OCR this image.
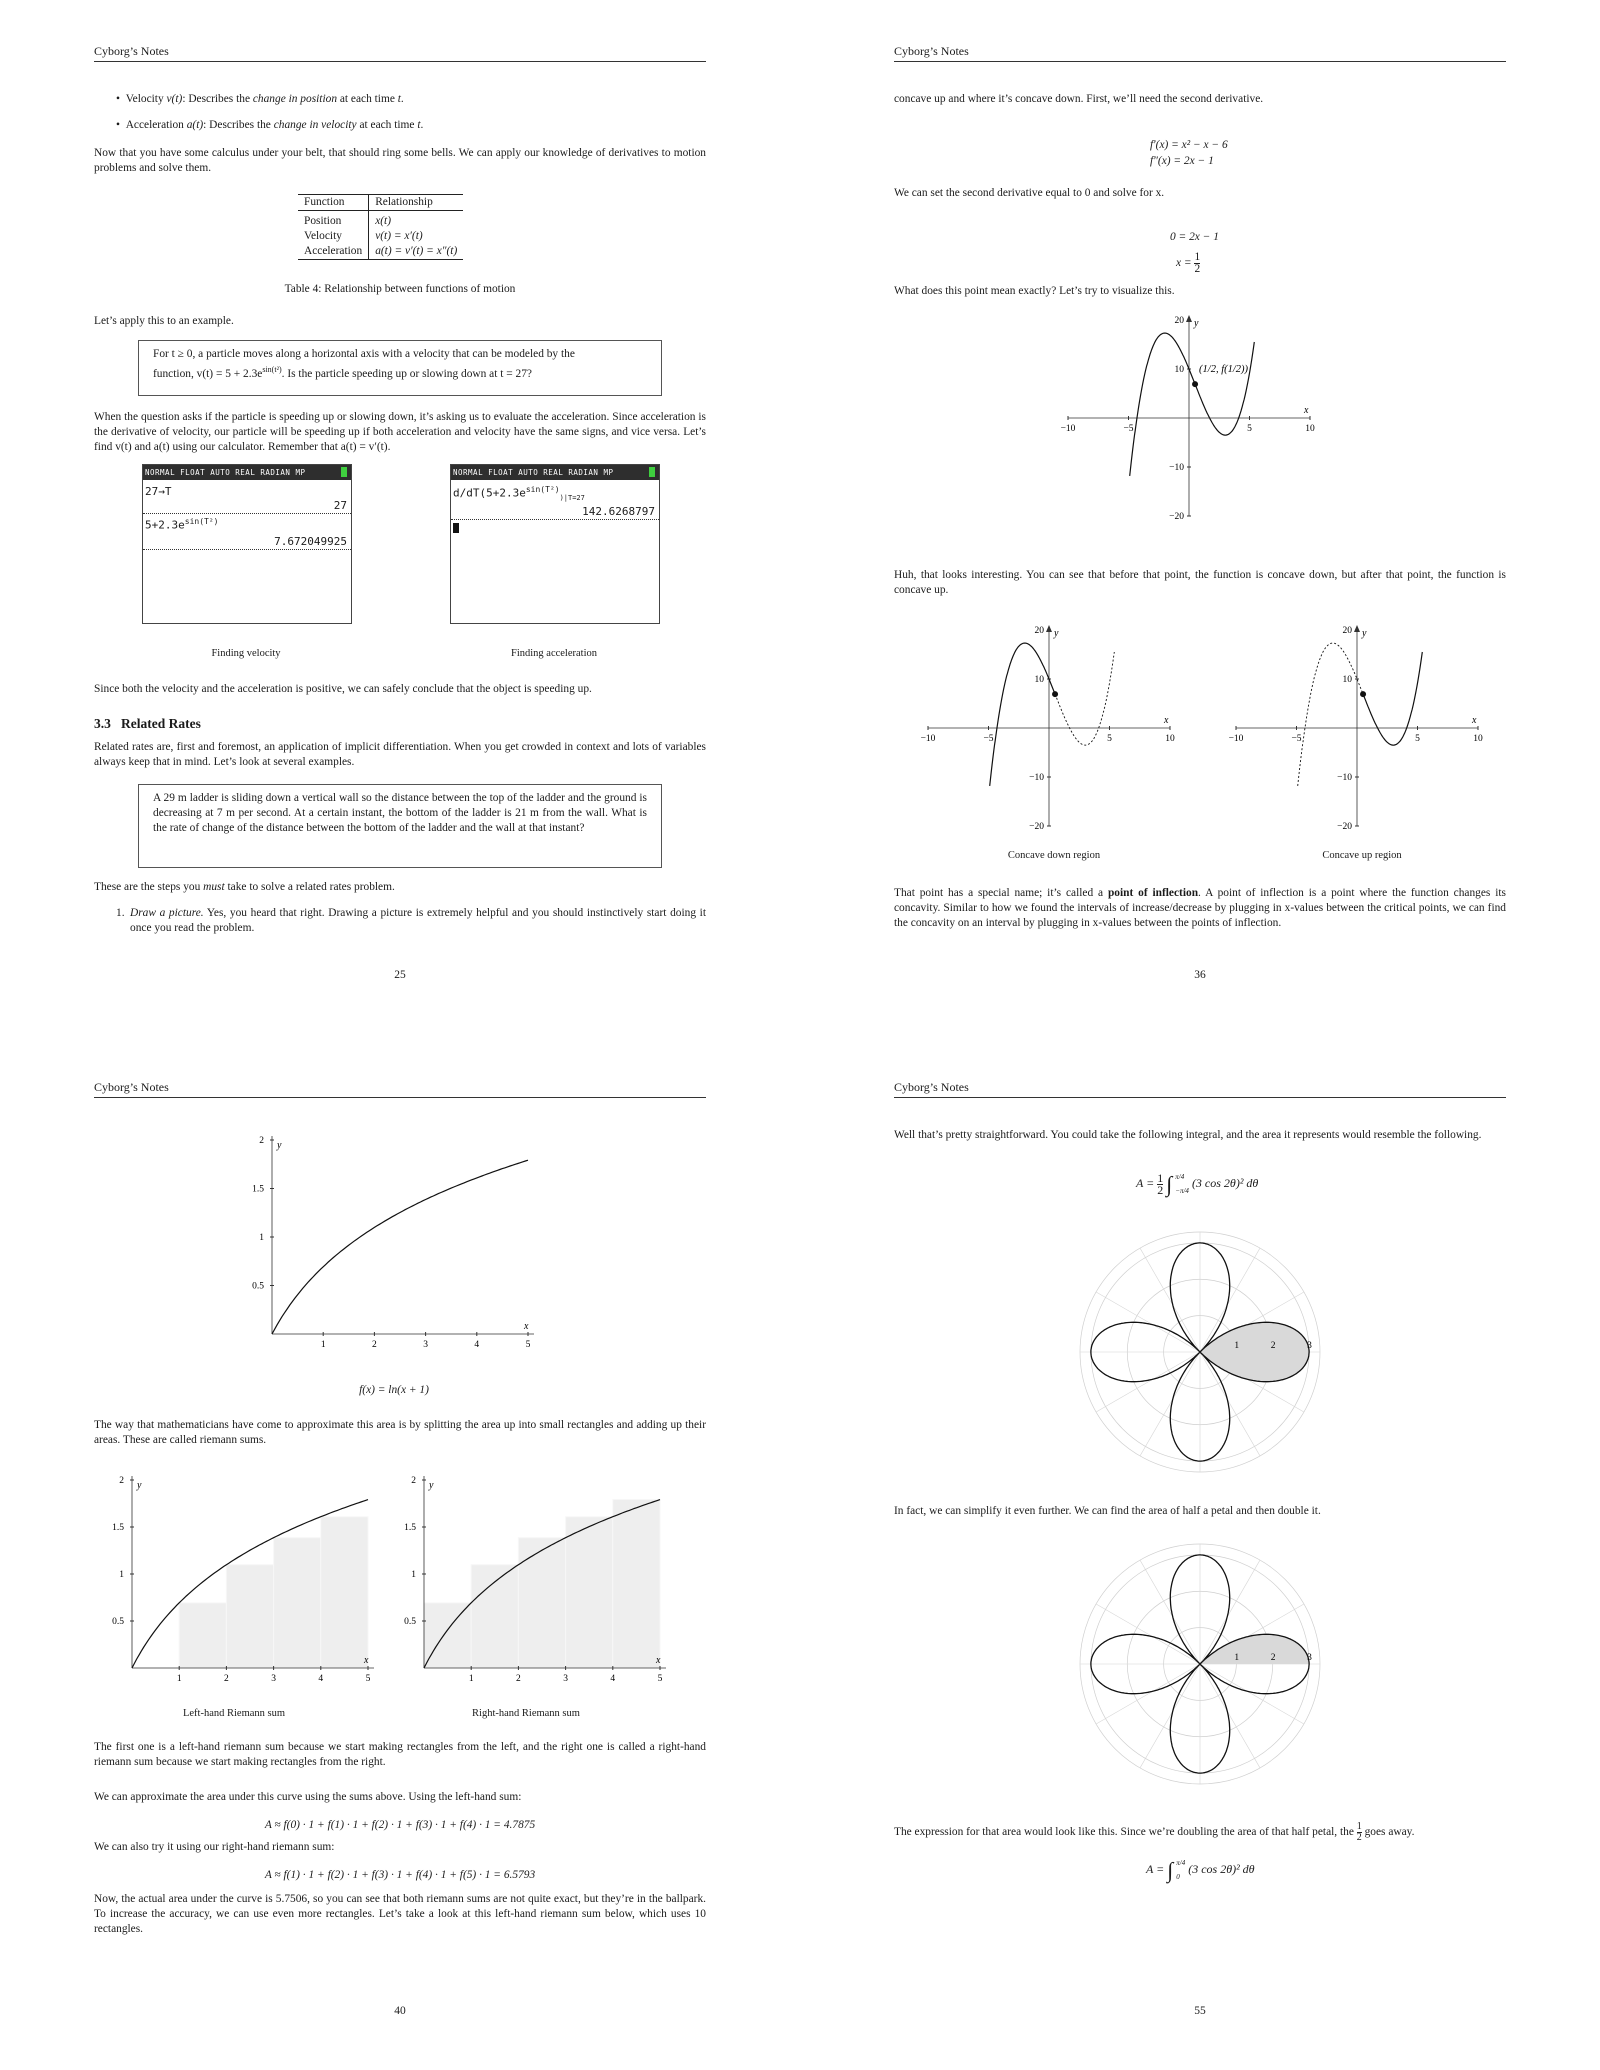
Cyborg’s Notes
•  Velocity v(t): Describes the change in position at each time t.
•  Acceleration a(t): Describes the change in velocity at each time t.
Now that you have some calculus under your belt, that should ring some bells. We can apply our knowledge of derivatives to motion problems and solve them.
Function	Relationship
Position	x(t)
Velocity	v(t) = x′(t)
Acceleration	a(t) = v′(t) = x″(t)
Table 4: Relationship between functions of motion
Let’s apply this to an example.
For t ≥ 0, a particle moves along a horizontal axis with a velocity that can be modeled by the
function, $v(t) = 5 + 2.3e^{sin(t^2)}$. Is the particle speeding up or slowing down at t = 27?
When the question asks if the particle is speeding up or slowing down, it’s asking us to evaluate the acceleration. Since acceleration is the derivative of velocity, our particle will be speeding up if both acceleration and velocity have the same signs, and vice versa. Let’s find v(t) and a(t) using our calculator. Remember that a(t) = v′(t).
NORMAL FLOAT AUTO REAL RADIAN MP
27→T
27
$5+2.3e^{sin(T^2)}$
7.672049925
NORMAL FLOAT AUTO REAL RADIAN MP
$d/dT(5+2.3e^{sin(T^2)}_{)|T=27}$
142.6268797
Finding velocity	Finding acceleration
Since both the velocity and the acceleration is positive, we can safely conclude that the object is speeding up.
3.3 Related Rates
Related rates are, first and foremost, an application of implicit differentiation. When you get crowded in context and lots of variables always keep that in mind. Let’s look at several examples.
A 29 m ladder is sliding down a vertical wall so the distance between the top of the ladder and the ground is decreasing at 7 m per second. At a certain instant, the bottom of the ladder is 21 m from the wall. What is the rate of change of the distance between the bottom of the ladder and the wall at that instant?
These are the steps you must take to solve a related rates problem.
1. Draw a picture. Yes, you heard that right. Drawing a picture is extremely helpful and you should instinctively start doing it once you read the problem.
25
Cyborg’s Notes
concave up and where it’s concave down. First, we’ll need the second derivative.
f′(x) = x² − x − 6
f″(x) = 2x − 1
We can set the second derivative equal to 0 and solve for x.
0 = 2x − 1
$x = \frac{1}{2}$
What does this point mean exactly? Let’s try to visualize this.
−10	−5	5	10
20
10
−10
−20
x
y
(1/2, f(1/2))
Huh, that looks interesting. You can see that before that point, the function is concave down, but after that point, the function is concave up.
−10	−5	5	10
20
10
−10
−20
x
y
−10	−5	5	10
20
10
−10
−20
x
y
Concave down region	Concave up region
That point has a special name; it’s called a point of inflection. A point of inflection is a point where the function changes its concavity. Similar to how we found the intervals of increase/decrease by plugging in x-values between the critical points, we can find the concavity on an interval by plugging in x-values between the points of inflection.
36
Cyborg’s Notes
1	2	3	4	5
0.5
1
1.5
2
x
y
f(x) = ln(x + 1)
The way that mathematicians have come to approximate this area is by splitting the area up into small rectangles and adding up their areas. These are called riemann sums.
1	2	3	4	5
0.5
1
1.5
2
x
y
1	2	3	4	5
0.5
1
1.5
2
x
y
Left-hand Riemann sum	Right-hand Riemann sum
The first one is a left-hand riemann sum because we start making rectangles from the left, and the right one is called a right-hand riemann sum because we start making rectangles from the right.
We can approximate the area under this curve using the sums above. Using the left-hand sum:
A ≈ f(0) · 1 + f(1) · 1 + f(2) · 1 + f(3) · 1 + f(4) · 1 = 4.7875
We can also try it using our right-hand riemann sum:
A ≈ f(1) · 1 + f(2) · 1 + f(3) · 1 + f(4) · 1 + f(5) · 1 = 6.5793
Now, the actual area under the curve is 5.7506, so you can see that both riemann sums are not quite exact, but they’re in the ballpark. To increase the accuracy, we can use even more rectangles. Let’s take a look at this left-hand riemann sum below, which uses 10 rectangles.
40
Cyborg’s Notes
Well that’s pretty straightforward. You could take the following integral, and the area it represents would resemble the following.
$A = \frac{1}{2}$ ∫ π/4
−π/4 (3 cos 2θ)² dθ
1	2	3
In fact, we can simplify it even further. We can find the area of half a petal and then double it.
1	2	3
The expression for that area would look like this. Since we’re doubling the area of that half petal, the $\frac{1}{2}$ goes away.
A = ∫ π/4
0 (3 cos 2θ)² dθ
55
